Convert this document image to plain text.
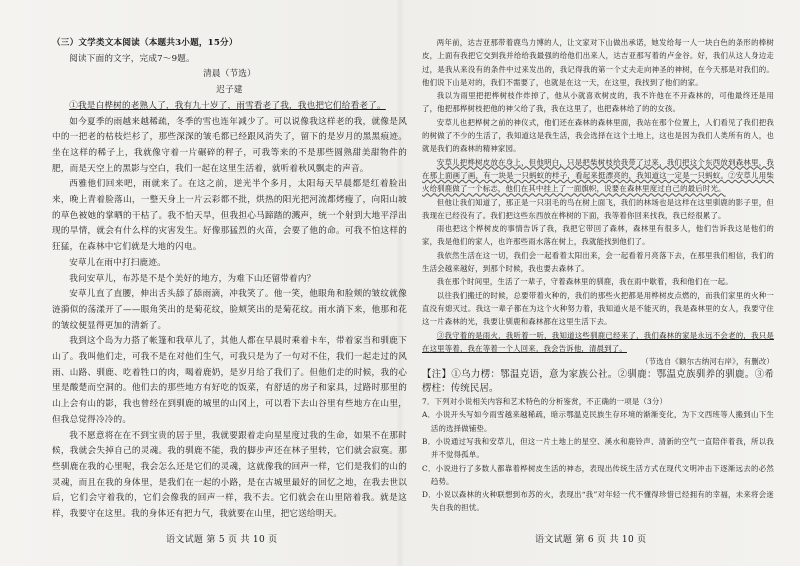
（三）文学类文本阅读（本题共3小题，15分）

阅读下面的文字，完成7～9题。

清晨（节选）

迟子建

①我是白桦树的老熟人了，我有九十岁了，雨雪看老了我，我也把它们给看老了。

如今夏季的雨越来越稀疏，冬季的雪也连年减少了。可以说像我这样老的我，就像是风中的一把老的枯枝烂杉了，那些深深的皱毛都已经跟风消失了，留下的是岁月的黑黑痕迹。坐在这样的稀子上，我就像守着一片碾碎的秤子，可我等来的不是那些圆熟甜美甜物件的肥，而是天空上的黑影与空白，我们一起在这里生活着，就听着秋风飘走的声音。

西雅他们回来吧，雨就来了。在这之前，逆光半个多月，太阳每天早晨都是红着脸出来，晚上青着脸落山，一整天身上一片云彩都不批，烘热的阳光把河流都烤瘦了，向阳山坡的草色被她的掌晒的干枯了。我不怕天旱，但我担心马蹄踏的溅声，统一个射到大地平浮出现的旱情，就会有什么样的灾害发生。好像那猛烈的火苗，会要了他的命。可我不怕这样的狂猛，在森林中它们就是大地的闪电。

安草儿在雨中打扫鹿迹。

我问安草儿，布苏是不是个美好的地方，为难下山还留带着内？

安草儿直了直腰，伸出舌头舔了舔雨滴，冲我笑了。他一笑，他眼角和脸颊的皱纹就像涟漪似的荡漾开了——眼角笑出的是菊花纹，脸颊笑出的是菊花纹。雨水淌下来，他那和花的皱纹便显得更加的清新了。

我到这个岛为力搭了帐篷和我草儿了，其他人都在早晨时乘着卡车，带着家当和驯鹿下山了。我叫他们走，可我不是在对他们生气，可我只是为了一句对不住，我们一起走过的风雨、山路、驯鹿、吃着牲口的肉，喝着鹿奶，是岁月给了我们了。但他们走的时候，我的心里是酸楚而空洞的。他们去的那些地方有好吃的饭菜，有舒适的房子和家具，过路时那里的山上会有山的影，我也曾经在到驯鹿的城里的山冈上，可以看下去山谷里有些地方在山里，但我总觉得冷冷的。

我不愿意将在在不到宝贵的居于里，我就要跟着走向星星度过我的生命，如果不在那时候，我就会失掉自己的灵魂。我的驯鹿不能，我的脚步声还在林子里转，它们就会寂寞。那些驯鹿在我的心里呢，我会怎么还是它们的灵魂，这就像我的回声一样，它们是我们的山的灵魂，而且在我的身体里，是我们在一起的小路，是在古城里最好的回忆之地，在我去世以后，它们会守着我的，它们会像我的回声一样，我不去。它们就会在山里陪着我。就是这样，我要守在这里。我的身体还有把力气，我就要在山里，把它送给明天。

两年前，达吉亚那带着鹿鸟力博的人，让文家对下山做出承诺，她发给每一人一块白色的条形的棒树皮，上面有我把它交到我并给给我最强的给他们出来人，达吉亚那写着的卢金谷。好，我们从这人身边走过，是我从来没有的条件中过来发出的，我记得我的第一个丈夫走向神圣的神树，在今天那是对我们的。他们说下山是对的，我们不需要了，也就是在这一天，在这里，我找到了他们的家。

我以为雨里把把桦树枝作炸掉了，他从小就喜欢树皮的，我不许他在不开森林的，可他最终还是用了，他把那桦树枝把他的神父给了我，我在这里了，也把森林给了的的女孩。

安草儿也把桦树之前的神仪式，他们还在森林的森林里面，我站在那个位置上，人们看见了我们把我的树做了不少的生活了，我知道这是我生活，我会选择在这个土地上，这也是因为我们人类所有的人，也就是我们的森林的精神家园。

安草儿把桦树皮放在身上，但他明白，只是把柴树枝给我带了过来，我们把这个东西放到森林里，我在那上面画了画，有一块是一只蚂蚁的样子，看起来挺漂亮的，我知道这一定是一只蚂蚁。②安草儿用柴火给驯鹿做了一个标志，他们在其中挂上了一面旗帜，说要在森林里度过自己的最后时光。

但他让我们知道了，那正是一只羽毛的鸟在树上面飞，我们的林场也是这样在这里驯鹿的影子里，但我现在已经没有了。我们把这些东西放在桦树的下面，我等着你回来找我，我已经很累了。

雨也把这个桦树皮的事情告诉了我，我把它带回了森林，森林里有很多人，他们告诉我这是他们的家，我是他们的家人，也许那些雨水落在树上，我就能找到他们了。

我依然生活在这一切，我们会一起看着太阳出来，会一起看着月亮落下去，在那里我们相信，我们的生活会越来越好，到那个时候，我也要去森林了。

我在那个时间里，生活了一辈子，守着森林里的驯鹿，我在雨中歇着，我和他们在一起。

以往我们搬迁的时候，总要带着火种的，我们的那些火把都是用桦树皮点燃的，而我们家里的火种一直没有熄灭过。我这一辈子都在为这个火种努力着，我知道火是不能灭的，我是森林里的女人，我要守住这一片森林的光，我要让驯鹿和森林都在这里生活下去。

③我守着的是雨火，我听着一听，我知道这些驯鹿已经来了，我们森林的家是永远不会老的，我只是在这里等着，我在等着一个人回来，我会告诉他，清晨到了。

（节选自《额尔古纳河右岸》，有删改）

【注】①乌力楞：鄂温克语，意为家族公社。②驯鹿：鄂温克族驯养的驯鹿。③希楞柱：传统民居。

7．下列对小说相关内容和艺术特色的分析鉴赏，不正确的一项是（3分）

A．小说开头写如今雨雪越来越稀疏，暗示鄂温克民族生存环境的渐渐变化，为下文西班等人搬到山下生活的选择做铺垫。

B．小说通过写我和安草儿，但这一片土地上的星空、溪水和鹿铃声、清新的空气一直陪伴着我，所以我并不觉得孤单。

C．小说进行了多数人都靠着桦树皮生活的神态，表现出传统生活方式在现代文明冲击下逐渐远去的必然趋势。

D．小说以森林的火种联想到布苏的火，表现出“我”对年轻一代不懂得珍惜已经拥有的幸福，未来将会迷失自我的担忧。

语文试题 第 5 页 共 10 页	语文试题 第 6 页 共 10 页
